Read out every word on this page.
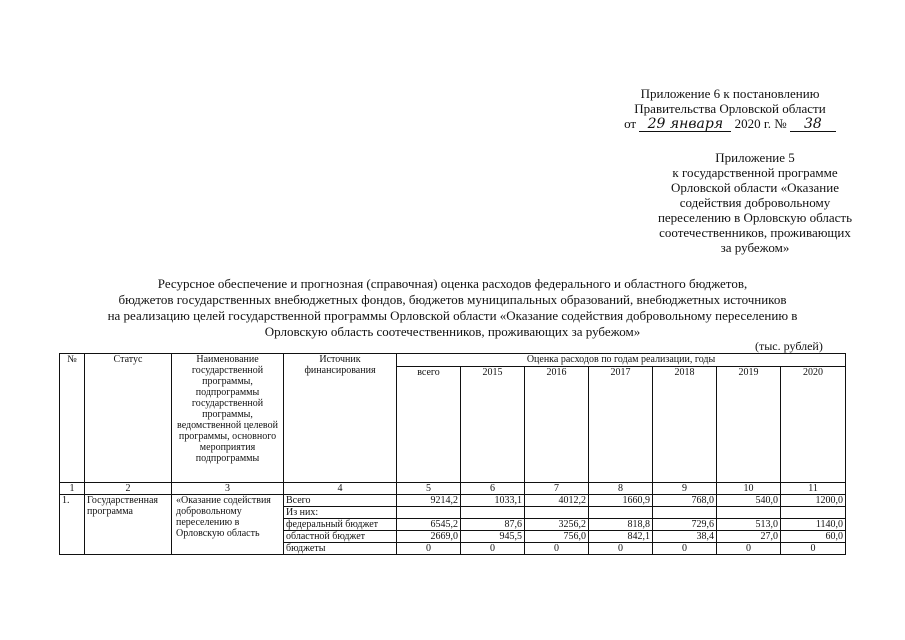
Приложение 6 к постановлению
Правительства Орловской области
от 29 января 2020 г. № 38
Приложение 5
к государственной программе
Орловской области «Оказание
содействия добровольному
переселению в Орловскую область
соотечественников, проживающих
за рубежом»
Ресурсное обеспечение и прогнозная (справочная) оценка расходов федерального и областного бюджетов,
бюджетов государственных внебюджетных фондов, бюджетов муниципальных образований, внебюджетных источников
на реализацию целей государственной программы Орловской области «Оказание содействия добровольному переселению в
Орловскую область соотечественников, проживающих за рубежом»
(тыс. рублей)
№	Статус	Наименование государственной программы, подпрограммы государственной программы, ведомственной целевой программы, основного мероприятия подпрограммы	Источник финансирования	Оценка расходов по годам реализации, годы						
				всего	2015	2016	2017	2018	2019	2020
1	2	3	4	5	6	7	8	9	10	11
1.	Государственная программа	«Оказание содействия добровольному переселению в Орловскую область	Всего	9214,2	1033,1	4012,2	1660,9	768,0	540,0	1200,0
			Из них:							
			федеральный бюджет	6545,2	87,6	3256,2	818,8	729,6	513,0	1140,0
			областной бюджет	2669,0	945,5	756,0	842,1	38,4	27,0	60,0
			бюджеты	0	0	0	0	0	0	0
